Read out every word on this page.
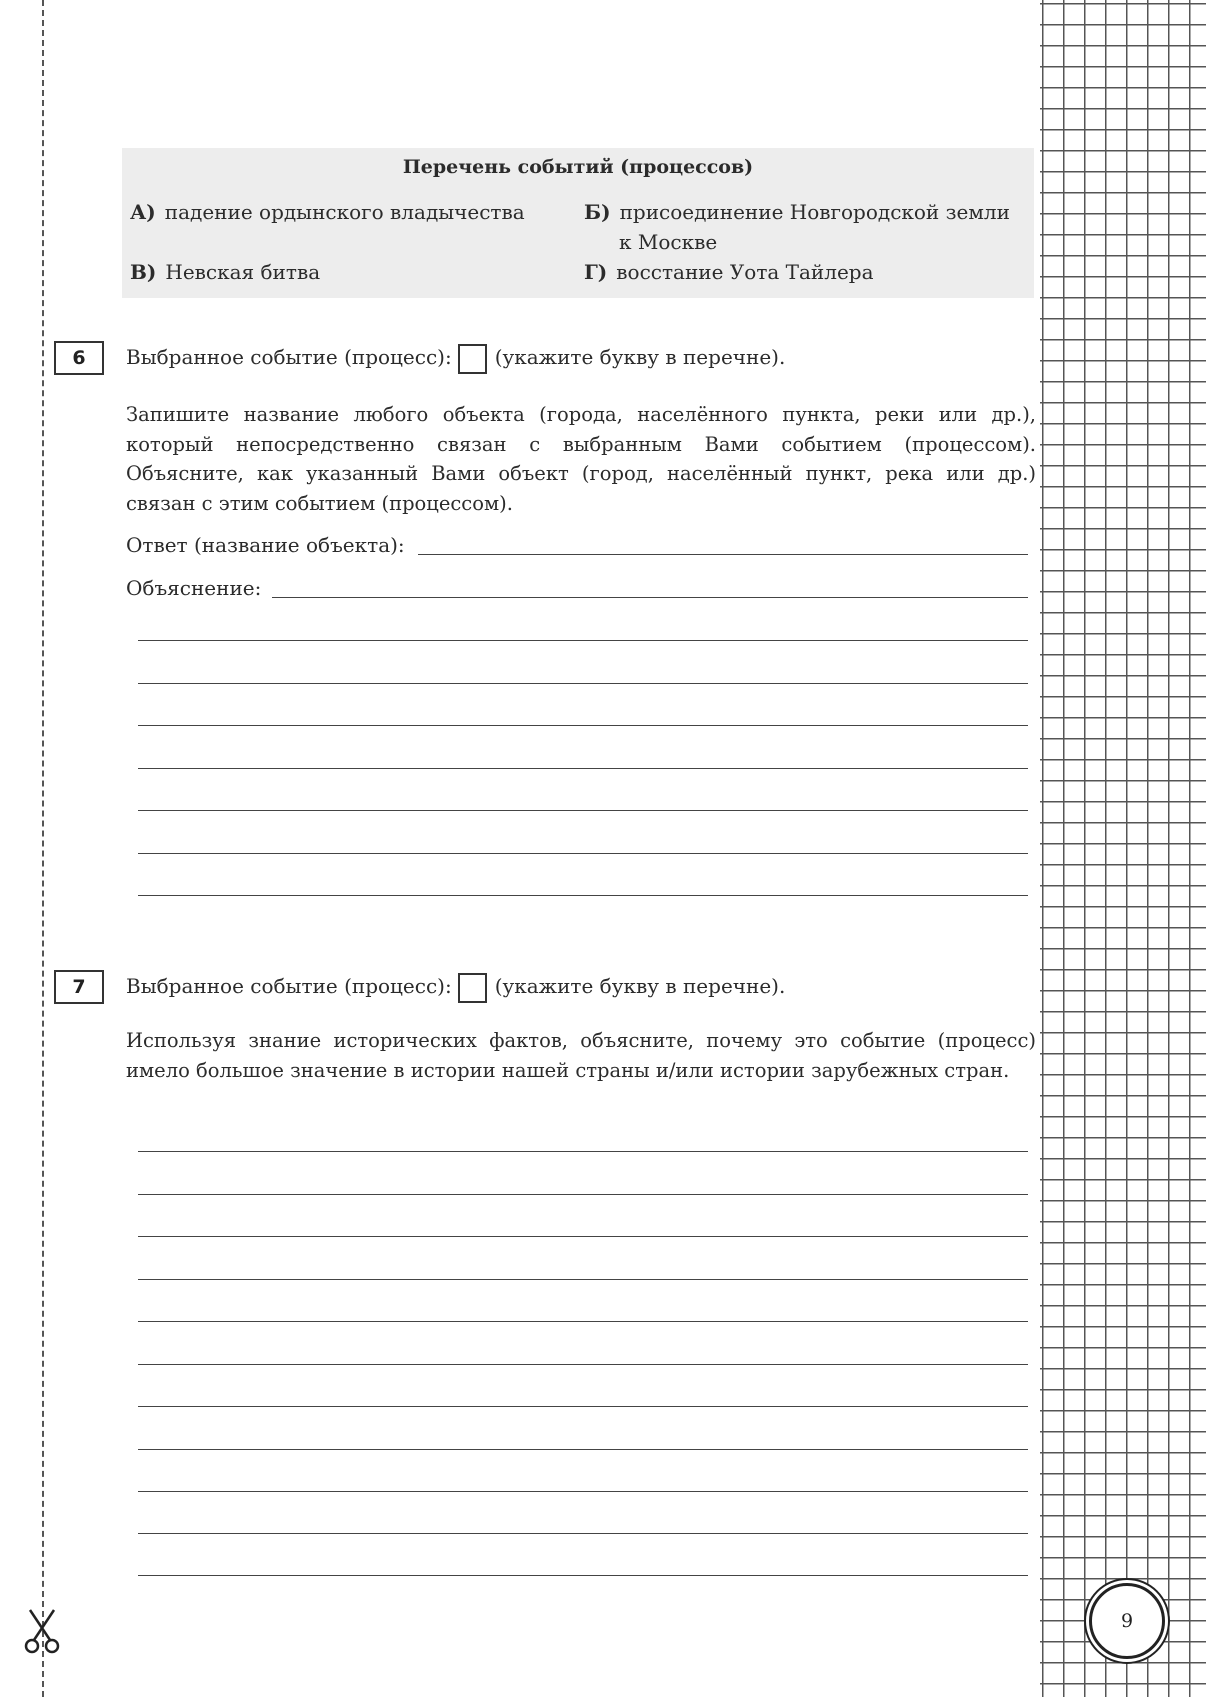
9
Перечень событий (процессов)
А) падение ордынского владычества	Б) присоединение Новгородской земли
к Москве
В) Невская битва	Г) восстание Уота Тайлера
6	Выбранное событие (процесс): (укажите букву в перечне).
Запишите название любого объекта (города, населённого пункта, реки или др.), который непосредственно связан с выбранным Вами событием (процессом). Объясните, как указанный Вами объект (город, населённый пункт, река или др.) связан с этим событием (процессом).
Ответ (название объекта):
Объяснение:
7	Выбранное событие (процесс): (укажите букву в перечне).
Используя знание исторических фактов, объясните, почему это событие (процесс) имело большое значение в истории нашей страны и/или истории зарубежных стран.
